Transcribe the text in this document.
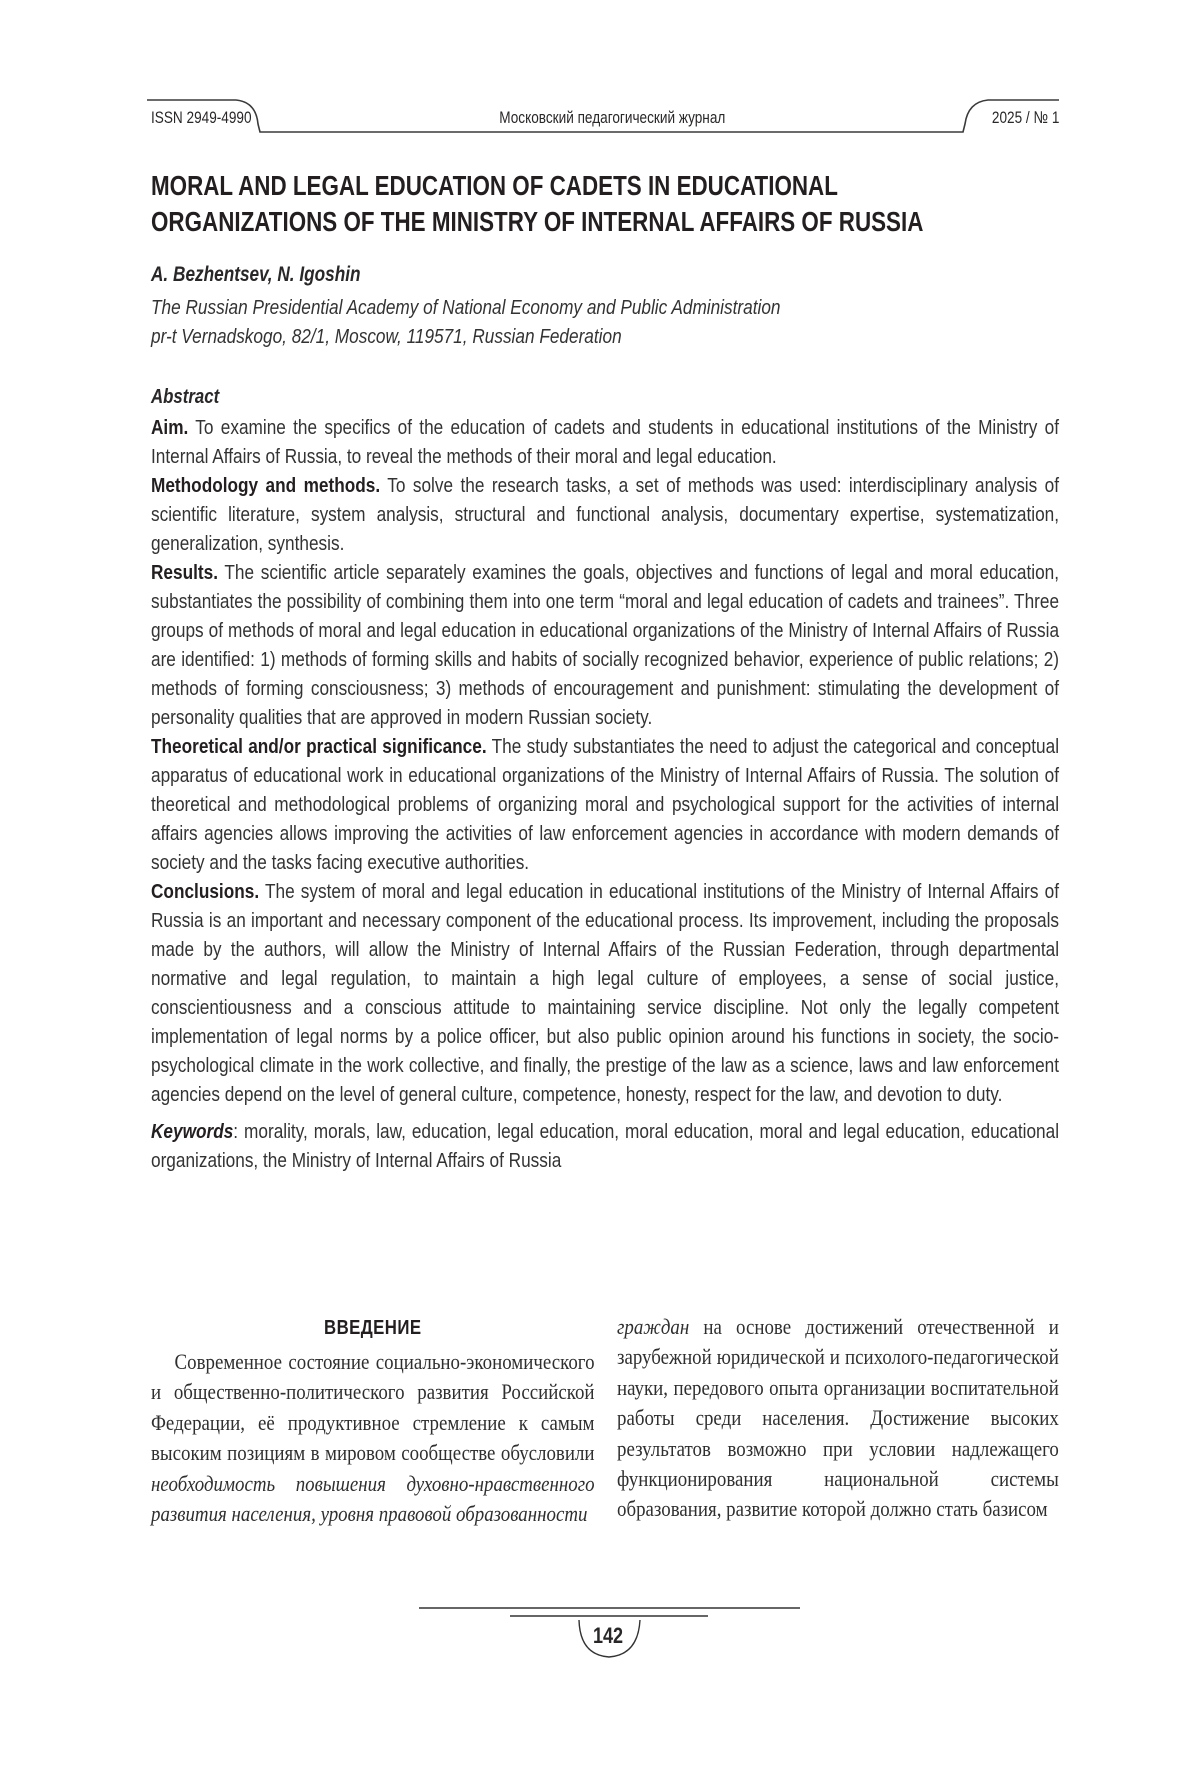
ISSN 2949-4990	Московский педагогический журнал	2025 / № 1
MORAL AND LEGAL EDUCATION OF CADETS IN EDUCATIONAL
ORGANIZATIONS OF THE MINISTRY OF INTERNAL AFFAIRS OF RUSSIA
A. Bezhentsev, N. Igoshin
The Russian Presidential Academy of National Economy and Public Administration
pr-t Vernadskogo, 82/1, Moscow, 119571, Russian Federation
Abstract

Aim. To examine the specifics of the education of cadets and students in educational institutions of the Ministry of Internal Affairs of Russia, to reveal the methods of their moral and legal education.

Methodology and methods. To solve the research tasks, a set of methods was used: interdisciplinary analysis of scientific literature, system analysis, structural and functional analysis, documentary expertise, systematization, generalization, synthesis.

Results. The scientific article separately examines the goals, objectives and functions of legal and moral education, substantiates the possibility of combining them into one term “moral and legal education of cadets and trainees”. Three groups of methods of moral and legal education in educational organizations of the Ministry of Internal Affairs of Russia are identified: 1) methods of forming skills and habits of socially recognized behavior, experience of public relations; 2) methods of forming consciousness; 3) methods of encouragement and punishment: stimulating the development of personality qualities that are approved in modern Russian society.

Theoretical and/or practical significance. The study substantiates the need to adjust the categorical and conceptual apparatus of educational work in educational organizations of the Ministry of Internal Affairs of Russia. The solution of theoretical and methodological problems of organizing moral and psychological support for the activities of internal affairs agencies allows improving the activities of law enforcement agencies in accordance with modern demands of society and the tasks facing executive authorities.

Conclusions. The system of moral and legal education in educational institutions of the Ministry of Internal Affairs of Russia is an important and necessary component of the educational process. Its improvement, including the proposals made by the authors, will allow the Ministry of Internal Affairs of the Russian Federation, through departmental normative and legal regulation, to maintain a high legal culture of employees, a sense of social justice, conscientiousness and a conscious attitude to maintaining service discipline. Not only the legally competent implementation of legal norms by a police officer, but also public opinion around his functions in society, the socio-psychological climate in the work collective, and finally, the prestige of the law as a science, laws and law enforcement agencies depend on the level of general culture, competence, honesty, respect for the law, and devotion to duty.

Keywords: morality, morals, law, education, legal education, moral education, moral and legal education, educational organizations, the Ministry of Internal Affairs of Russia

ВВЕДЕНИЕ

Современное состояние социально-экономического и общественно-политического развития Российской Федерации, её продуктивное стремление к самым высоким позициям в мировом сообществе обусловили необходимость повышения духовно-нравственного развития населения, уровня правовой образованности

граждан на основе достижений отечественной и зарубежной юридической и психолого-педагогической науки, передового опыта организации воспитательной работы среди населения. Достижение высоких результатов возможно при условии надлежащего функционирования национальной системы образования, развитие которой должно стать базисом

142
